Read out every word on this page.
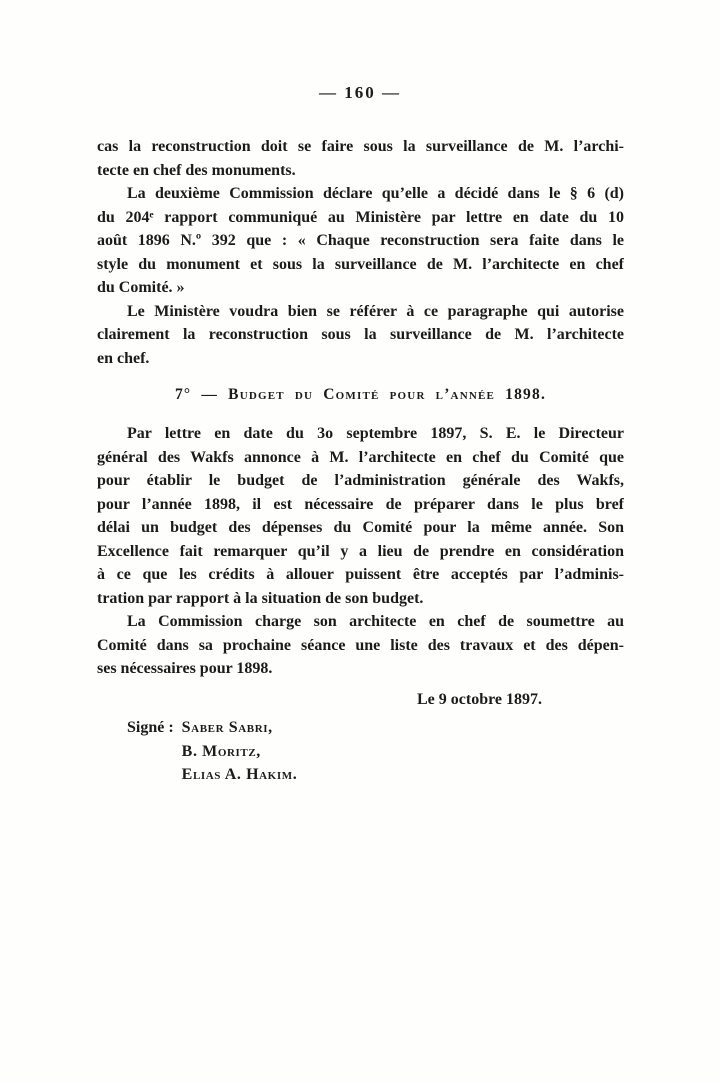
— 160 —
cas la reconstruction doit se faire sous la surveillance de M. l’archi-
tecte en chef des monuments.
La deuxième Commission déclare qu’elle a décidé dans le § 6 (d)
du 204ᵉ rapport communiqué au Ministère par lettre en date du 10
août 1896 N.º 392 que : « Chaque reconstruction sera faite dans le
style du monument et sous la surveillance de M. l’architecte en chef
du Comité. »
Le Ministère voudra bien se référer à ce paragraphe qui autorise
clairement la reconstruction sous la surveillance de M. l’architecte
en chef.
7° — Budget du Comité pour l’année 1898.
Par lettre en date du 3o septembre 1897, S. E. le Directeur
général des Wakfs annonce à M. l’architecte en chef du Comité que
pour établir le budget de l’administration générale des Wakfs,
pour l’année 1898, il est nécessaire de préparer dans le plus bref
délai un budget des dépenses du Comité pour la même année. Son
Excellence fait remarquer qu’il y a lieu de prendre en considération
à ce que les crédits à allouer puissent être acceptés par l’adminis-
tration par rapport à la situation de son budget.
La Commission charge son architecte en chef de soumettre au
Comité dans sa prochaine séance une liste des travaux et des dépen-
ses nécessaires pour 1898.
Le 9 octobre 1897.
Signé : Saber Sabri,
B. Moritz,
Elias A. Hakim.
